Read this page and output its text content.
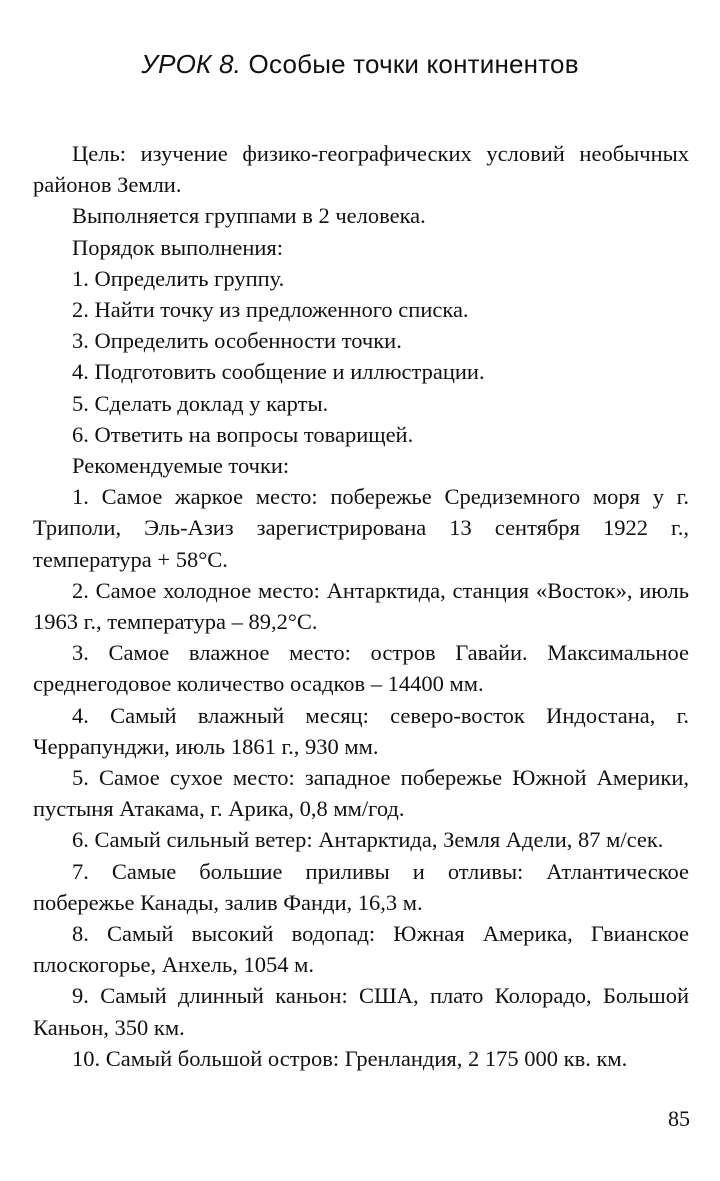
УРОК 8. Особые точки континентов

Цель: изучение физико-географических условий необычных районов Земли.

Выполняется группами в 2 человека.

Порядок выполнения:

1. Определить группу.

2. Найти точку из предложенного списка.

3. Определить особенности точки.

4. Подготовить сообщение и иллюстрации.

5. Сделать доклад у карты.

6. Ответить на вопросы товарищей.

Рекомендуемые точки:

1. Самое жаркое место: побережье Средиземного моря у г. Триполи, Эль-Азиз зарегистрирована 13 сентября 1922 г., температура + 58°С.

2. Самое холодное место: Антарктида, станция «Восток», июль 1963 г., температура – 89,2°С.

3. Самое влажное место: остров Гавайи. Максимальное среднегодовое количество осадков – 14400 мм.

4. Самый влажный месяц: северо-восток Индостана, г. Черрапунджи, июль 1861 г., 930 мм.

5. Самое сухое место: западное побережье Южной Америки, пустыня Атакама, г. Арика, 0,8 мм/год.

6. Самый сильный ветер: Антарктида, Земля Адели, 87 м/сек.

7. Самые большие приливы и отливы: Атлантическое побережье Канады, залив Фанди, 16,3 м.

8. Самый высокий водопад: Южная Америка, Гвианское плоскогорье, Анхель, 1054 м.

9. Самый длинный каньон: США, плато Колорадо, Большой Каньон, 350 км.

10. Самый большой остров: Гренландия, 2 175 000 кв. км.

85
